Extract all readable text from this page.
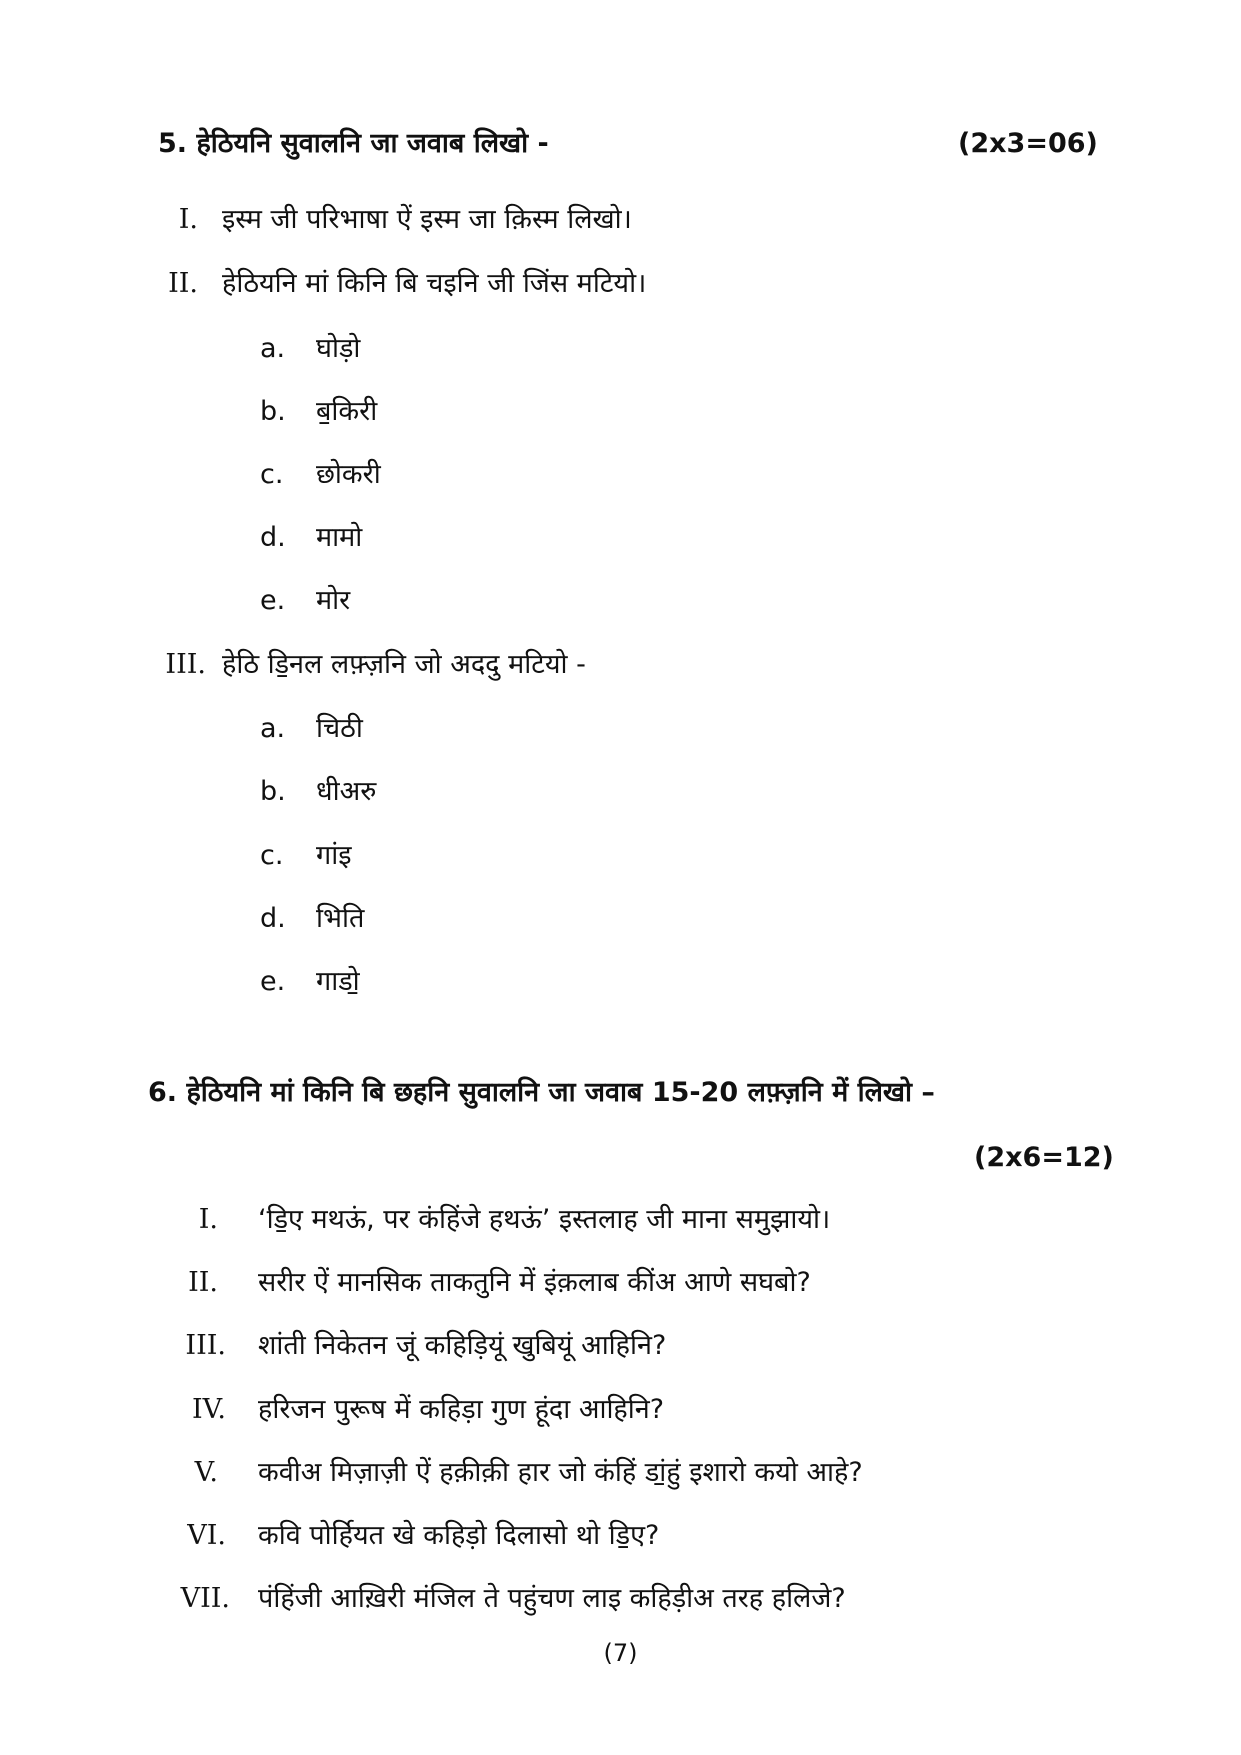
5. हेठियनि सुवालनि जा जवाब लिखो -	(2x3=06)
I. इस्म जी परिभाषा ऐं इस्म जा क़िस्म लिखो।
II. हेठियनि मां किनि बि चइनि जी जिंस मटियो।
a. घोड़ो
b. ब॒किरी
c. छोकरी
d. मामो
e. मोर
III. हेठि डि॒नल लफ़्ज़नि जो अददु मटियो -
a. चिठी
b. धीअरु
c. गांइ
d. भिति
e. गाडो॒
6. हेठियनि मां किनि बि छहनि सुवालनि जा जवाब 15-20 लफ़्ज़नि में लिखो –
(2x6=12)
I. ‘डि॒ए मथऊं, पर कंहिंजे हथऊं’ इस्तलाह जी माना समुझायो।
II. सरीर ऐं मानसिक ताकतुनि में इंक़लाब कींअ आणे सघबो?
III. शांती निकेतन जूं कहिड़ियूं खुबियूं आहिनि?
IV. हरिजन पुरूष में कहिड़ा गुण हूंदा आहिनि?
V. कवीअ मिज़ाज़ी ऐं हक़ीक़ी हार जो कंहिं डां॒हुं इशारो कयो आहे?
VI. कवि पोर्हियत खे कहिड़ो दिलासो थो डि॒ए?
VII. पंहिंजी आख़िरी मंजिल ते पहुंचण लाइ कहिड़ीअ तरह हलिजे?
(7)
